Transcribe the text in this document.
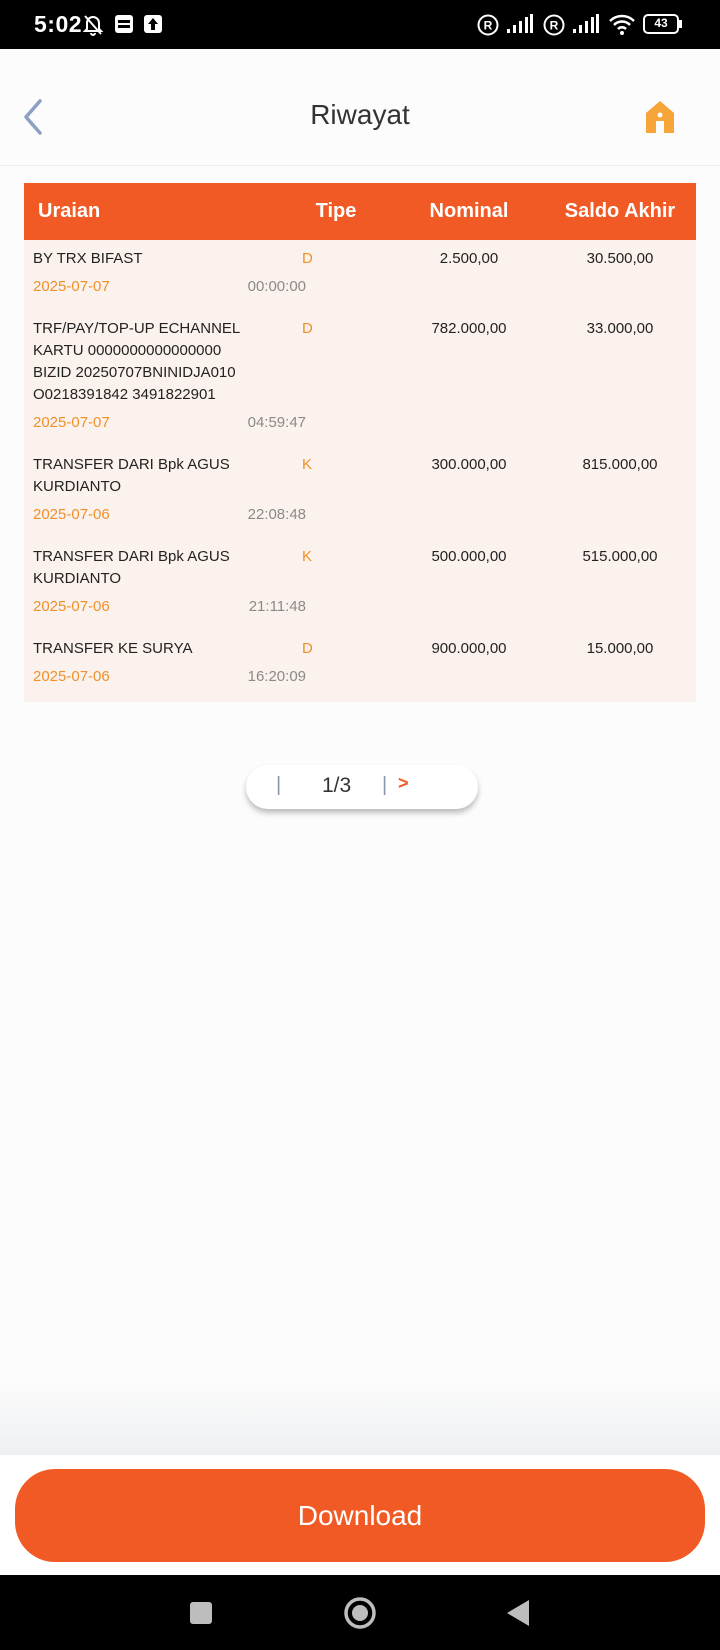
5:02	R	R	43
Riwayat
Uraian	Tipe	Nominal	Saldo Akhir
BY TRX BIFAST	D	2.500,00	30.500,00
2025-07-07	00:00:00
TRF/PAY/TOP-UP ECHANNEL
KARTU 0000000000000000
BIZID 20250707BNINIDJA010
O0218391842 3491822901
D	782.000,00	33.000,00
2025-07-07	04:59:47
TRANSFER DARI Bpk AGUS
KURDIANTO
K	300.000,00	815.000,00
2025-07-06	22:08:48
TRANSFER DARI Bpk AGUS
KURDIANTO
K	500.000,00	515.000,00
2025-07-06	21:11:48
TRANSFER KE SURYA	D	900.000,00	15.000,00
2025-07-06	16:20:09
| 1/3 | >
Download
